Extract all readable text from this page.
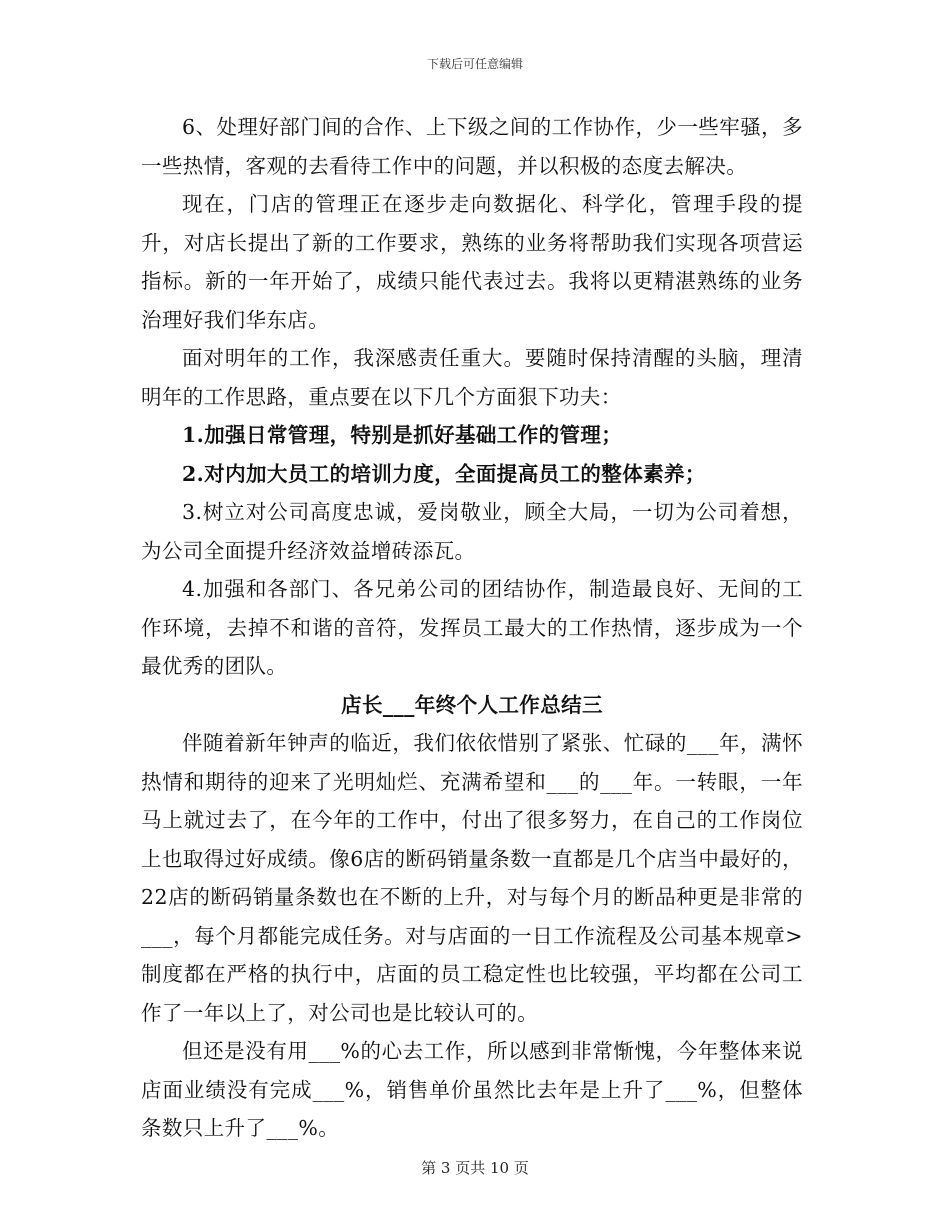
下载后可任意编辑

6、处理好部门间的合作、上下级之间的工作协作，少一些牢骚，多一些热情，客观的去看待工作中的问题，并以积极的态度去解决。

现在，门店的管理正在逐步走向数据化、科学化，管理手段的提升，对店长提出了新的工作要求，熟练的业务将帮助我们实现各项营运指标。新的一年开始了，成绩只能代表过去。我将以更精湛熟练的业务治理好我们华东店。

面对明年的工作，我深感责任重大。要随时保持清醒的头脑，理清明年的工作思路，重点要在以下几个方面狠下功夫：

1.加强日常管理，特别是抓好基础工作的管理；

2.对内加大员工的培训力度，全面提高员工的整体素养；

3.树立对公司高度忠诚，爱岗敬业，顾全大局，一切为公司着想，为公司全面提升经济效益增砖添瓦。

4.加强和各部门、各兄弟公司的团结协作，制造最良好、无间的工作环境，去掉不和谐的音符，发挥员工最大的工作热情，逐步成为一个最优秀的团队。

店长___年终个人工作总结三

伴随着新年钟声的临近，我们依依惜别了紧张、忙碌的___年，满怀热情和期待的迎来了光明灿烂、充满希望和___的___年。一转眼，一年马上就过去了，在今年的工作中，付出了很多努力，在自己的工作岗位上也取得过好成绩。像6店的断码销量条数一直都是几个店当中最好的，22店的断码销量条数也在不断的上升，对与每个月的断品种更是非常的___，每个月都能完成任务。对与店面的一日工作流程及公司基本规章>制度都在严格的执行中，店面的员工稳定性也比较强，平均都在公司工作了一年以上了，对公司也是比较认可的。

但还是没有用___%的心去工作，所以感到非常惭愧，今年整体来说店面业绩没有完成___%，销售单价虽然比去年是上升了___%，但整体条数只上升了___%。

第 3 页共 10 页
